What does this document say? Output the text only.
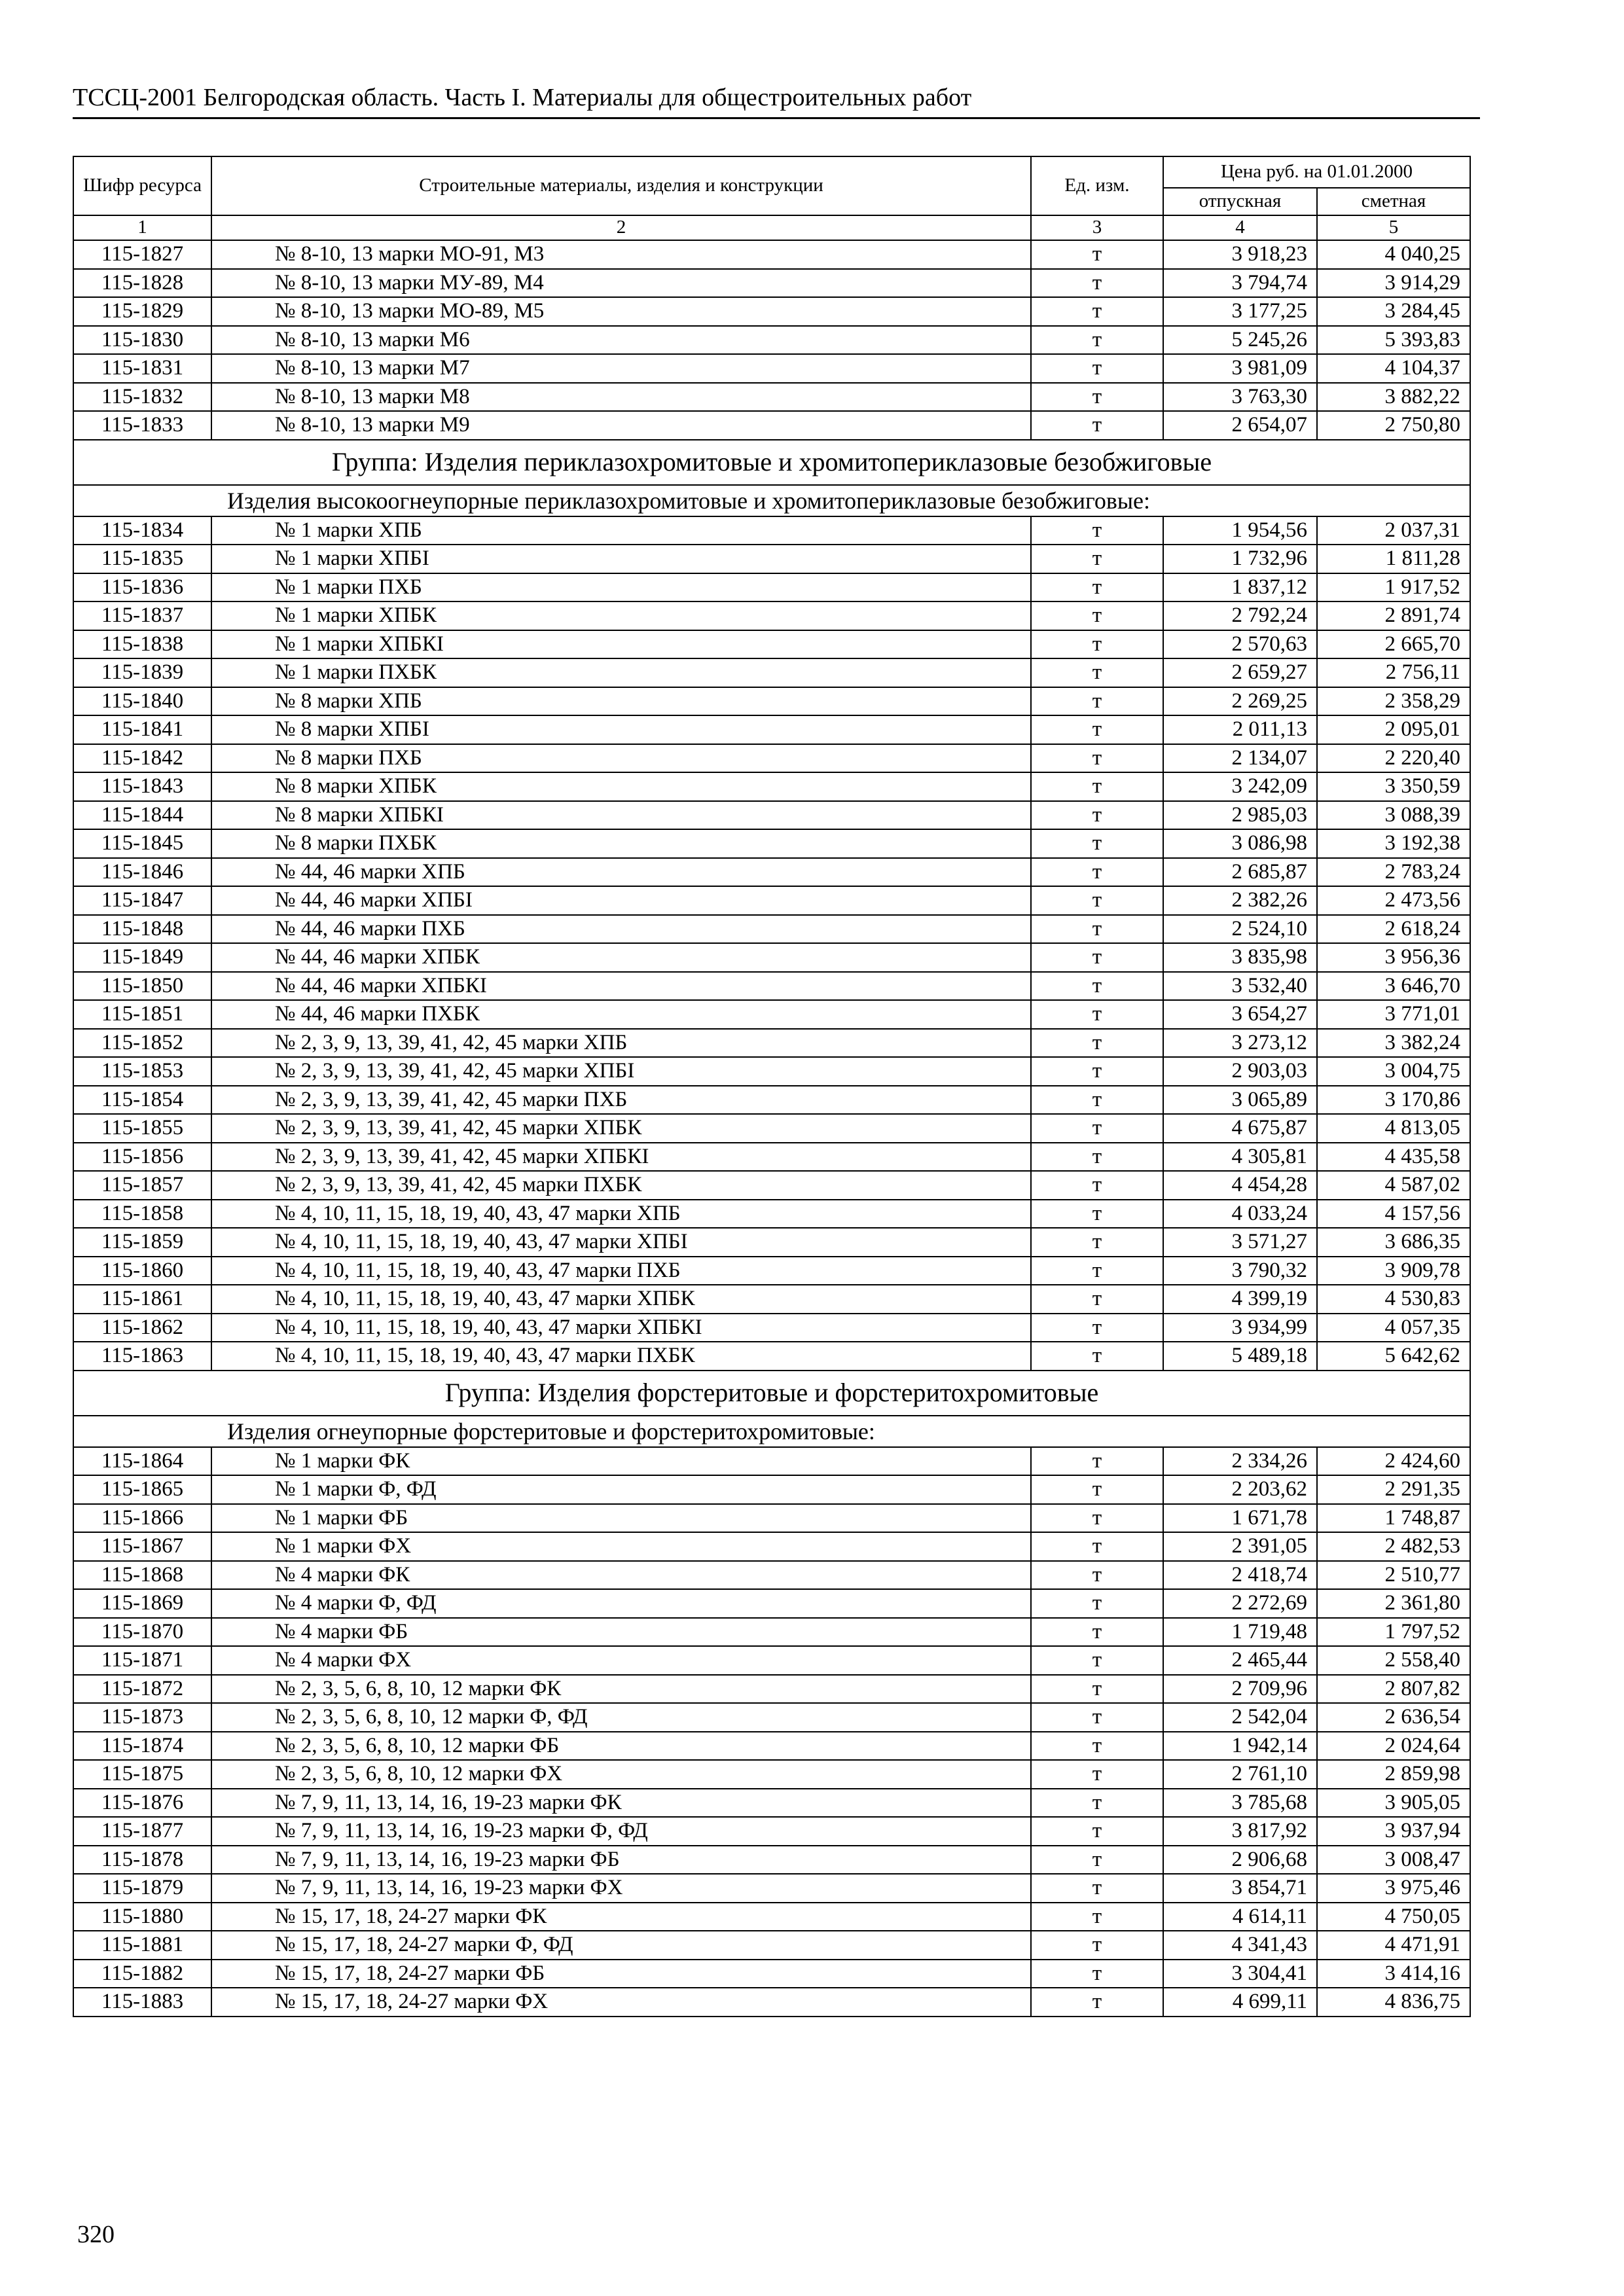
ТССЦ-2001 Белгородская область. Часть I. Материалы для общестроительных работ
Шифр ресурса	Строительные материалы, изделия и конструкции	Ед. изм.	Цена руб. на 01.01.2000	
			отпускная	сметная
1	2	3	4	5
115-1827	№ 8-10, 13 марки МО-91, М3	т	3 918,23	4 040,25
115-1828	№ 8-10, 13 марки МУ-89, М4	т	3 794,74	3 914,29
115-1829	№ 8-10, 13 марки МО-89, М5	т	3 177,25	3 284,45
115-1830	№ 8-10, 13 марки М6	т	5 245,26	5 393,83
115-1831	№ 8-10, 13 марки М7	т	3 981,09	4 104,37
115-1832	№ 8-10, 13 марки М8	т	3 763,30	3 882,22
115-1833	№ 8-10, 13 марки М9	т	2 654,07	2 750,80
Группа: Изделия периклазохромитовые и хромитопериклазовые безобжиговые				
Изделия высокоогнеупорные периклазохромитовые и хромитопериклазовые безобжиговые:				
115-1834	№ 1 марки ХПБ	т	1 954,56	2 037,31
115-1835	№ 1 марки ХПБI	т	1 732,96	1 811,28
115-1836	№ 1 марки ПХБ	т	1 837,12	1 917,52
115-1837	№ 1 марки ХПБК	т	2 792,24	2 891,74
115-1838	№ 1 марки ХПБКI	т	2 570,63	2 665,70
115-1839	№ 1 марки ПХБК	т	2 659,27	2 756,11
115-1840	№ 8 марки ХПБ	т	2 269,25	2 358,29
115-1841	№ 8 марки ХПБI	т	2 011,13	2 095,01
115-1842	№ 8 марки ПХБ	т	2 134,07	2 220,40
115-1843	№ 8 марки ХПБК	т	3 242,09	3 350,59
115-1844	№ 8 марки ХПБКI	т	2 985,03	3 088,39
115-1845	№ 8 марки ПХБК	т	3 086,98	3 192,38
115-1846	№ 44, 46 марки ХПБ	т	2 685,87	2 783,24
115-1847	№ 44, 46 марки ХПБI	т	2 382,26	2 473,56
115-1848	№ 44, 46 марки ПХБ	т	2 524,10	2 618,24
115-1849	№ 44, 46 марки ХПБК	т	3 835,98	3 956,36
115-1850	№ 44, 46 марки ХПБКI	т	3 532,40	3 646,70
115-1851	№ 44, 46 марки ПХБК	т	3 654,27	3 771,01
115-1852	№ 2, 3, 9, 13, 39, 41, 42, 45 марки ХПБ	т	3 273,12	3 382,24
115-1853	№ 2, 3, 9, 13, 39, 41, 42, 45 марки ХПБI	т	2 903,03	3 004,75
115-1854	№ 2, 3, 9, 13, 39, 41, 42, 45 марки ПХБ	т	3 065,89	3 170,86
115-1855	№ 2, 3, 9, 13, 39, 41, 42, 45 марки ХПБК	т	4 675,87	4 813,05
115-1856	№ 2, 3, 9, 13, 39, 41, 42, 45 марки ХПБКI	т	4 305,81	4 435,58
115-1857	№ 2, 3, 9, 13, 39, 41, 42, 45 марки ПХБК	т	4 454,28	4 587,02
115-1858	№ 4, 10, 11, 15, 18, 19, 40, 43, 47 марки ХПБ	т	4 033,24	4 157,56
115-1859	№ 4, 10, 11, 15, 18, 19, 40, 43, 47 марки ХПБI	т	3 571,27	3 686,35
115-1860	№ 4, 10, 11, 15, 18, 19, 40, 43, 47 марки ПХБ	т	3 790,32	3 909,78
115-1861	№ 4, 10, 11, 15, 18, 19, 40, 43, 47 марки ХПБК	т	4 399,19	4 530,83
115-1862	№ 4, 10, 11, 15, 18, 19, 40, 43, 47 марки ХПБКI	т	3 934,99	4 057,35
115-1863	№ 4, 10, 11, 15, 18, 19, 40, 43, 47 марки ПХБК	т	5 489,18	5 642,62
Группа: Изделия форстеритовые и форстеритохромитовые				
Изделия огнеупорные форстеритовые и форстеритохромитовые:				
115-1864	№ 1 марки ФК	т	2 334,26	2 424,60
115-1865	№ 1 марки Ф, ФД	т	2 203,62	2 291,35
115-1866	№ 1 марки ФБ	т	1 671,78	1 748,87
115-1867	№ 1 марки ФХ	т	2 391,05	2 482,53
115-1868	№ 4 марки ФК	т	2 418,74	2 510,77
115-1869	№ 4 марки Ф, ФД	т	2 272,69	2 361,80
115-1870	№ 4 марки ФБ	т	1 719,48	1 797,52
115-1871	№ 4 марки ФХ	т	2 465,44	2 558,40
115-1872	№ 2, 3, 5, 6, 8, 10, 12 марки ФК	т	2 709,96	2 807,82
115-1873	№ 2, 3, 5, 6, 8, 10, 12 марки Ф, ФД	т	2 542,04	2 636,54
115-1874	№ 2, 3, 5, 6, 8, 10, 12 марки ФБ	т	1 942,14	2 024,64
115-1875	№ 2, 3, 5, 6, 8, 10, 12 марки ФХ	т	2 761,10	2 859,98
115-1876	№ 7, 9, 11, 13, 14, 16, 19-23 марки ФК	т	3 785,68	3 905,05
115-1877	№ 7, 9, 11, 13, 14, 16, 19-23 марки Ф, ФД	т	3 817,92	3 937,94
115-1878	№ 7, 9, 11, 13, 14, 16, 19-23 марки ФБ	т	2 906,68	3 008,47
115-1879	№ 7, 9, 11, 13, 14, 16, 19-23 марки ФХ	т	3 854,71	3 975,46
115-1880	№ 15, 17, 18, 24-27 марки ФК	т	4 614,11	4 750,05
115-1881	№ 15, 17, 18, 24-27 марки Ф, ФД	т	4 341,43	4 471,91
115-1882	№ 15, 17, 18, 24-27 марки ФБ	т	3 304,41	3 414,16
115-1883	№ 15, 17, 18, 24-27 марки ФХ	т	4 699,11	4 836,75
320
